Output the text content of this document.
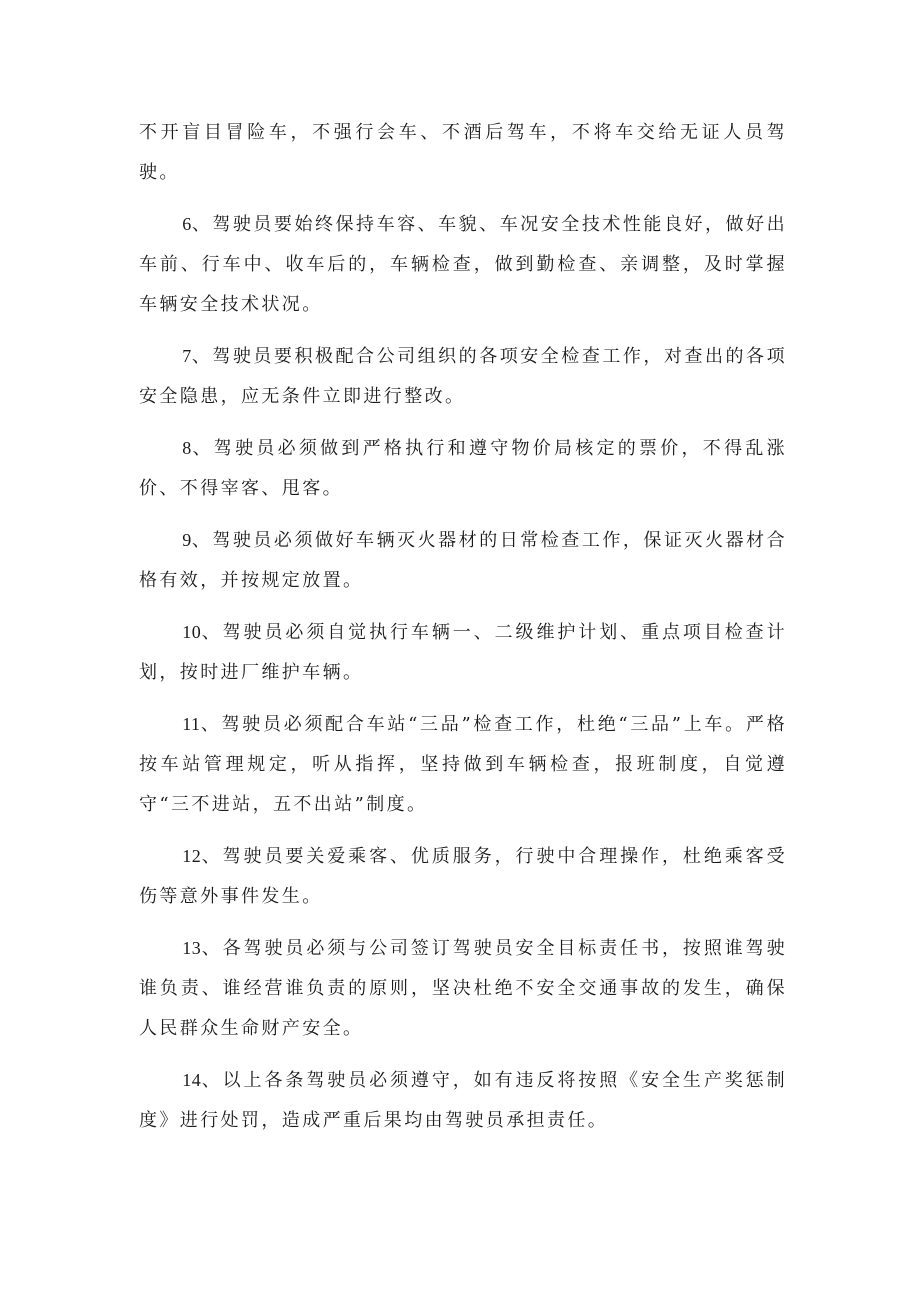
不开盲目冒险车，不强行会车、不酒后驾车，不将车交给无证人员驾驶。

6、驾驶员要始终保持车容、车貌、车况安全技术性能良好，做好出车前、行车中、收车后的，车辆检查，做到勤检查、亲调整，及时掌握车辆安全技术状况。

7、驾驶员要积极配合公司组织的各项安全检查工作，对查出的各项安全隐患，应无条件立即进行整改。

8、驾驶员必须做到严格执行和遵守物价局核定的票价，不得乱涨价、不得宰客、甩客。

9、驾驶员必须做好车辆灭火器材的日常检查工作，保证灭火器材合格有效，并按规定放置。

10、驾驶员必须自觉执行车辆一、二级维护计划、重点项目检查计划，按时进厂维护车辆。

11、驾驶员必须配合车站“三品”检查工作，杜绝“三品”上车。严格按车站管理规定，听从指挥，坚持做到车辆检查，报班制度，自觉遵守“三不进站，五不出站”制度。

12、驾驶员要关爱乘客、优质服务，行驶中合理操作，杜绝乘客受伤等意外事件发生。

13、各驾驶员必须与公司签订驾驶员安全目标责任书，按照谁驾驶谁负责、谁经营谁负责的原则，坚决杜绝不安全交通事故的发生，确保人民群众生命财产安全。

14、以上各条驾驶员必须遵守，如有违反将按照《安全生产奖惩制度》进行处罚，造成严重后果均由驾驶员承担责任。
